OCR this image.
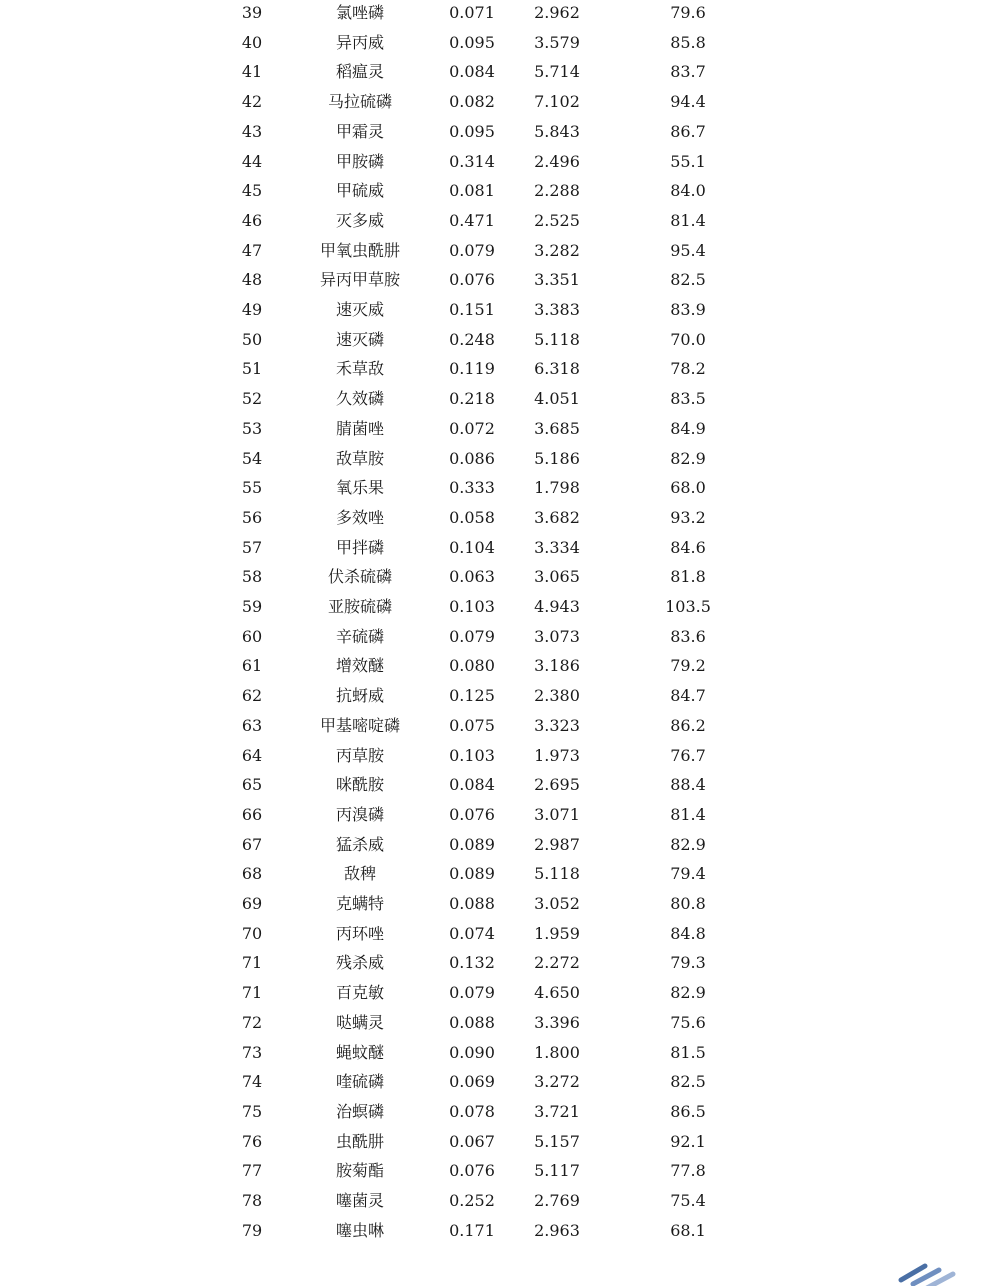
39	氯唑磷	0.071	2.962	79.6
40	异丙威	0.095	3.579	85.8
41	稻瘟灵	0.084	5.714	83.7
42	马拉硫磷	0.082	7.102	94.4
43	甲霜灵	0.095	5.843	86.7
44	甲胺磷	0.314	2.496	55.1
45	甲硫威	0.081	2.288	84.0
46	灭多威	0.471	2.525	81.4
47	甲氧虫酰肼	0.079	3.282	95.4
48	异丙甲草胺	0.076	3.351	82.5
49	速灭威	0.151	3.383	83.9
50	速灭磷	0.248	5.118	70.0
51	禾草敌	0.119	6.318	78.2
52	久效磷	0.218	4.051	83.5
53	腈菌唑	0.072	3.685	84.9
54	敌草胺	0.086	5.186	82.9
55	氧乐果	0.333	1.798	68.0
56	多效唑	0.058	3.682	93.2
57	甲拌磷	0.104	3.334	84.6
58	伏杀硫磷	0.063	3.065	81.8
59	亚胺硫磷	0.103	4.943	103.5
60	辛硫磷	0.079	3.073	83.6
61	增效醚	0.080	3.186	79.2
62	抗蚜威	0.125	2.380	84.7
63	甲基嘧啶磷	0.075	3.323	86.2
64	丙草胺	0.103	1.973	76.7
65	咪酰胺	0.084	2.695	88.4
66	丙溴磷	0.076	3.071	81.4
67	猛杀威	0.089	2.987	82.9
68	敌稗	0.089	5.118	79.4
69	克螨特	0.088	3.052	80.8
70	丙环唑	0.074	1.959	84.8
71	残杀威	0.132	2.272	79.3
71	百克敏	0.079	4.650	82.9
72	哒螨灵	0.088	3.396	75.6
73	蝇蚊醚	0.090	1.800	81.5
74	喹硫磷	0.069	3.272	82.5
75	治螟磷	0.078	3.721	86.5
76	虫酰肼	0.067	5.157	92.1
77	胺菊酯	0.076	5.117	77.8
78	噻菌灵	0.252	2.769	75.4
79	噻虫啉	0.171	2.963	68.1
